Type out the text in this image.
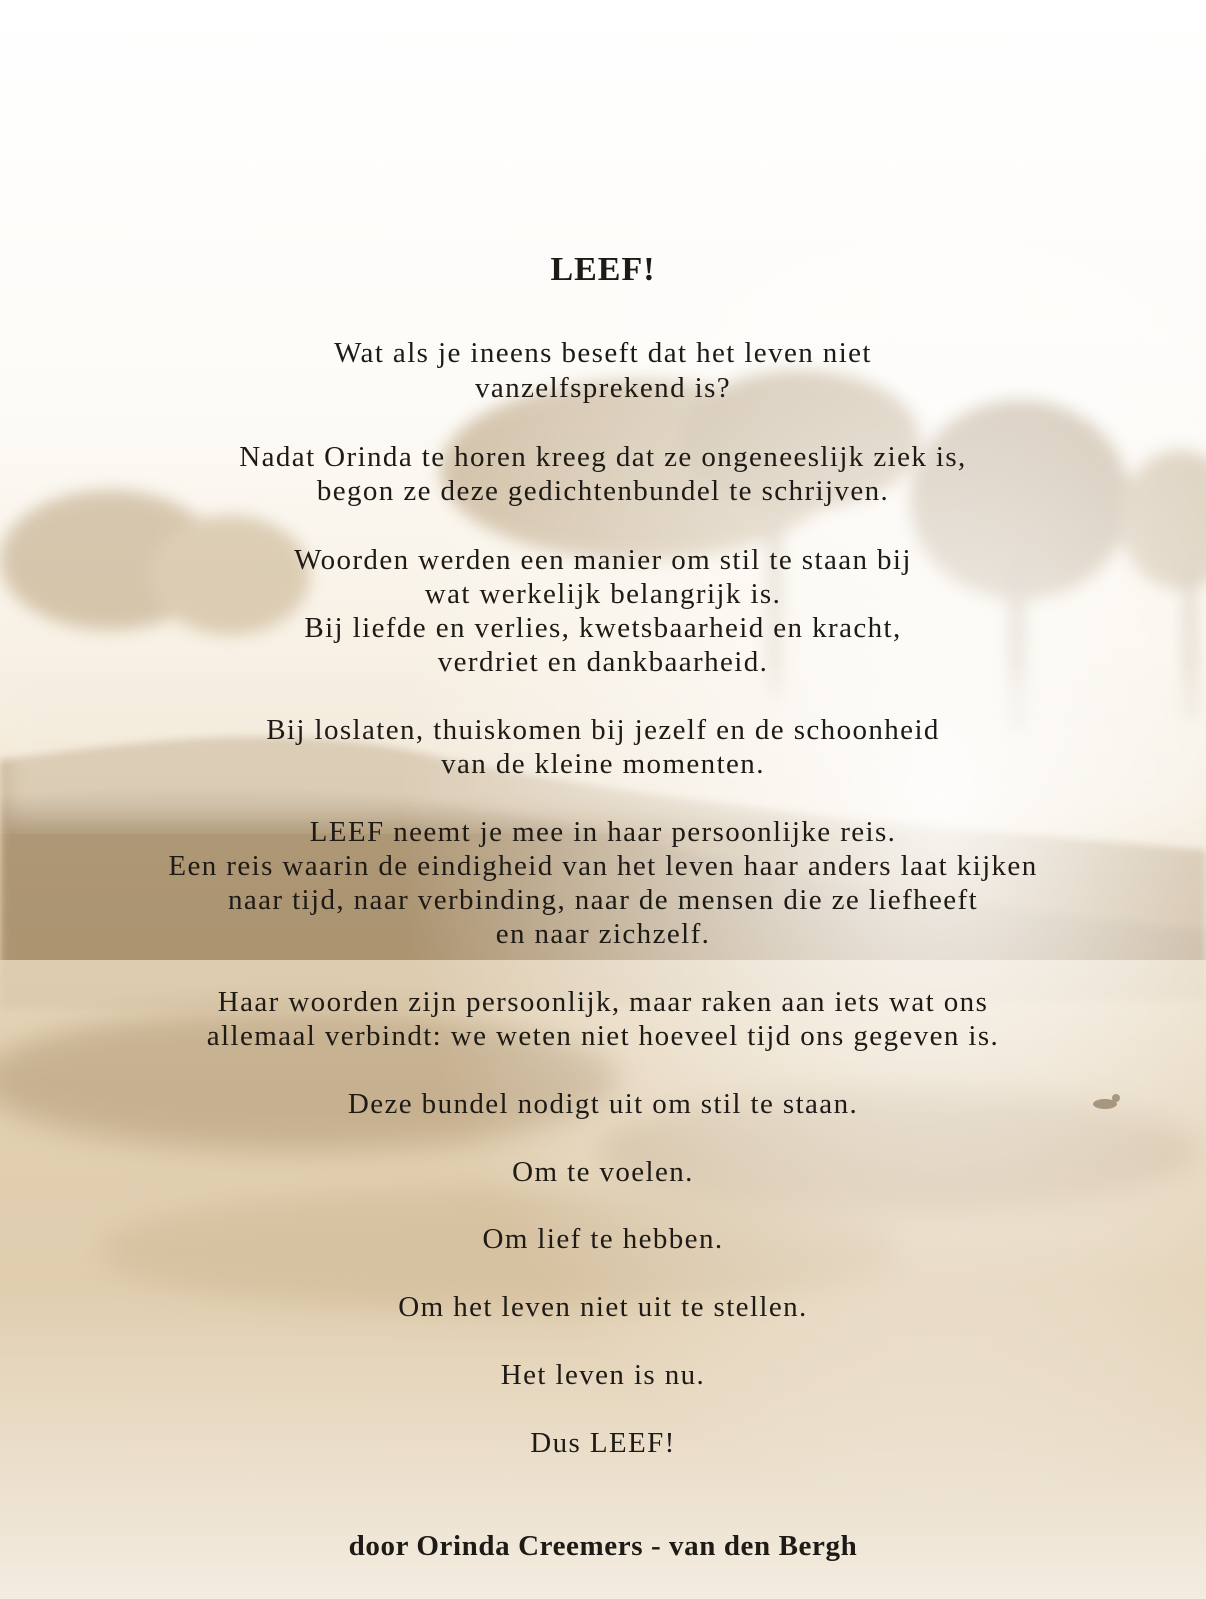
LEEF!
Wat als je ineens beseft dat het leven niet
vanzelfsprekend is?
Nadat Orinda te horen kreeg dat ze ongeneeslijk ziek is,
begon ze deze gedichtenbundel te schrijven.
Woorden werden een manier om stil te staan bij
wat werkelijk belangrijk is.
Bij liefde en verlies, kwetsbaarheid en kracht,
verdriet en dankbaarheid.
Bij loslaten, thuiskomen bij jezelf en de schoonheid
van de kleine momenten.
LEEF neemt je mee in haar persoonlijke reis.
Een reis waarin de eindigheid van het leven haar anders laat kijken
naar tijd, naar verbinding, naar de mensen die ze liefheeft
en naar zichzelf.
Haar woorden zijn persoonlijk, maar raken aan iets wat ons
allemaal verbindt: we weten niet hoeveel tijd ons gegeven is.
Deze bundel nodigt uit om stil te staan.
Om te voelen.
Om lief te hebben.
Om het leven niet uit te stellen.
Het leven is nu.
Dus LEEF!
door Orinda Creemers - van den Bergh
